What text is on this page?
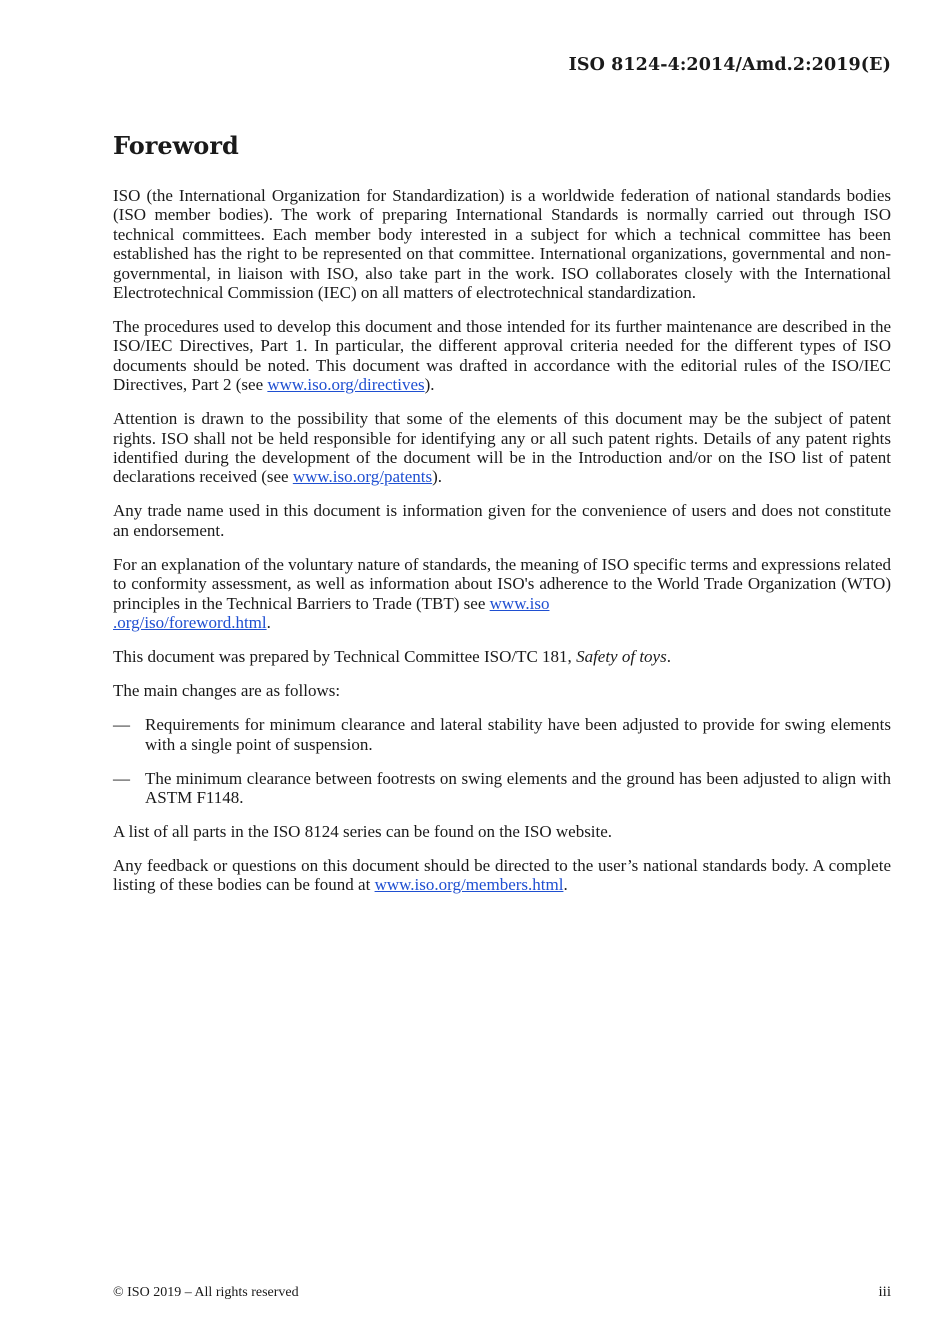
ISO 8124-4:2014/Amd.2:2019(E)
Foreword

ISO (the International Organization for Standardization) is a worldwide federation of national standards bodies (ISO member bodies). The work of preparing International Standards is normally carried out through ISO technical committees. Each member body interested in a subject for which a technical committee has been established has the right to be represented on that committee. International organizations, governmental and non-governmental, in liaison with ISO, also take part in the work. ISO collaborates closely with the International Electrotechnical Commission (IEC) on all matters of electrotechnical standardization.

The procedures used to develop this document and those intended for its further maintenance are described in the ISO/IEC Directives, Part 1. In particular, the different approval criteria needed for the different types of ISO documents should be noted. This document was drafted in accordance with the editorial rules of the ISO/IEC Directives, Part 2 (see www.iso.org/directives).

Attention is drawn to the possibility that some of the elements of this document may be the subject of patent rights. ISO shall not be held responsible for identifying any or all such patent rights. Details of any patent rights identified during the development of the document will be in the Introduction and/or on the ISO list of patent declarations received (see www.iso.org/patents).

Any trade name used in this document is information given for the convenience of users and does not constitute an endorsement.

For an explanation of the voluntary nature of standards, the meaning of ISO specific terms and expressions related to conformity assessment, as well as information about ISO's adherence to the World Trade Organization (WTO) principles in the Technical Barriers to Trade (TBT) see www.iso
.org/iso/foreword.html.

This document was prepared by Technical Committee ISO/TC 181, Safety of toys.

The main changes are as follows:

— Requirements for minimum clearance and lateral stability have been adjusted to provide for swing elements with a single point of suspension.
— The minimum clearance between footrests on swing elements and the ground has been adjusted to align with ASTM F1148.

A list of all parts in the ISO 8124 series can be found on the ISO website.

Any feedback or questions on this document should be directed to the user’s national standards body. A complete listing of these bodies can be found at www.iso.org/members.html.

© ISO 2019 – All rights reserved	iii
